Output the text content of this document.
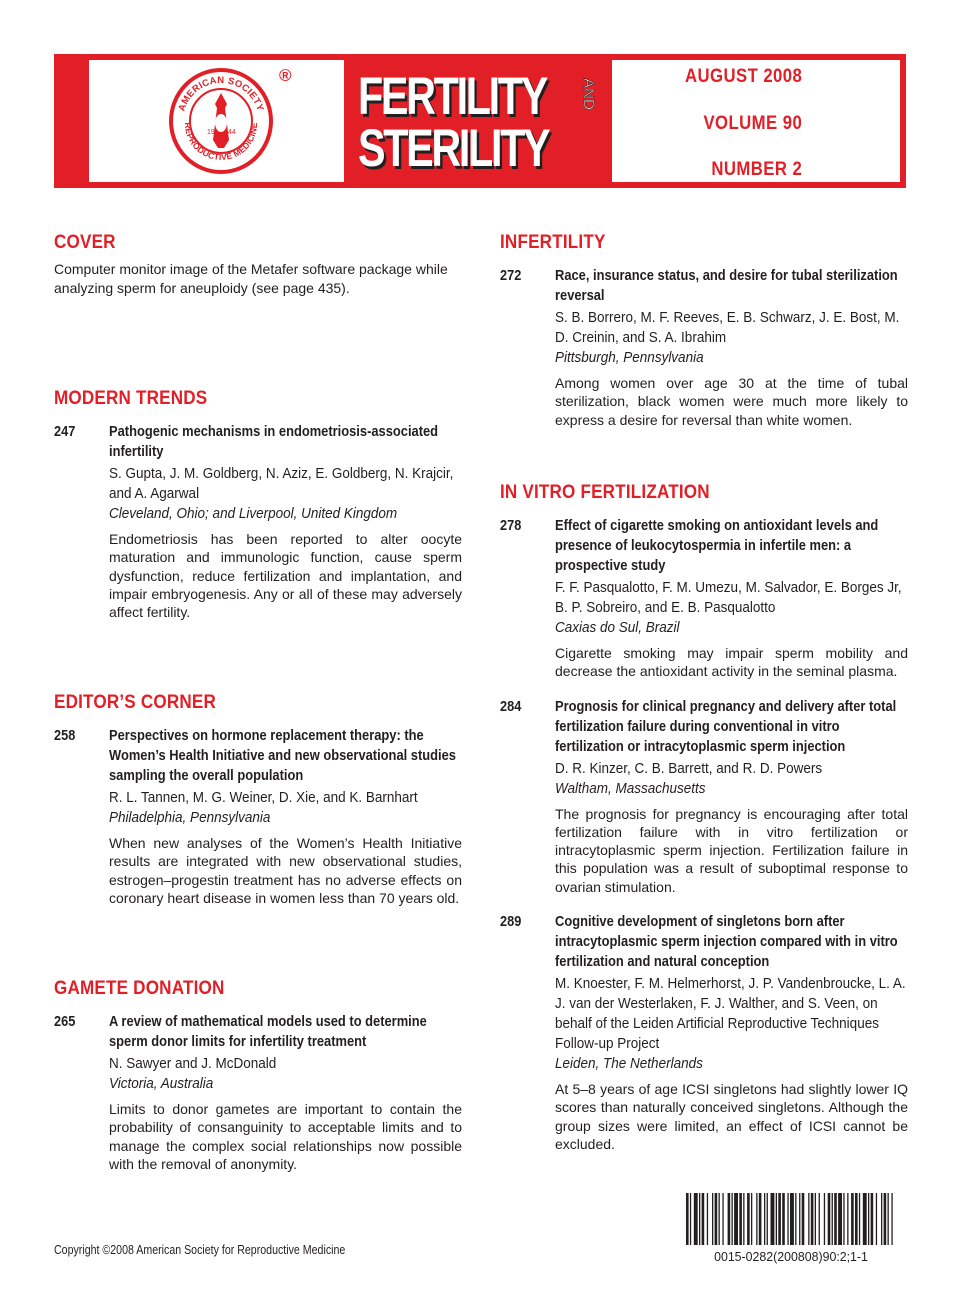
AMERICAN SOCIETY
REPRODUCTIVE MEDICINE
19 44
® FERTILITY AND
STERILITY
AUGUST 2008
VOLUME 90
NUMBER 2
COVER
Computer monitor image of the Metafer software package while analyzing sperm for aneuploidy (see page 435).
MODERN TRENDS
247 Pathogenic mechanisms in endometriosis-associated infertility
S. Gupta, J. M. Goldberg, N. Aziz, E. Goldberg, N. Krajcir, and A. Agarwal
Cleveland, Ohio; and Liverpool, United Kingdom
Endometriosis has been reported to alter oocyte maturation and immunologic function, cause sperm dysfunction, reduce fertilization and implantation, and impair embryogenesis. Any or all of these may adversely affect fertility.
EDITOR’S CORNER
258 Perspectives on hormone replacement therapy: the Women’s Health Initiative and new observational studies sampling the overall population
R. L. Tannen, M. G. Weiner, D. Xie, and K. Barnhart
Philadelphia, Pennsylvania
When new analyses of the Women’s Health Initiative results are integrated with new observational studies, estrogen–progestin treatment has no adverse effects on coronary heart disease in women less than 70 years old.
GAMETE DONATION
265 A review of mathematical models used to determine sperm donor limits for infertility treatment
N. Sawyer and J. McDonald
Victoria, Australia
Limits to donor gametes are important to contain the probability of consanguinity to acceptable limits and to manage the complex social relationships now possible with the removal of anonymity.
INFERTILITY
272 Race, insurance status, and desire for tubal sterilization reversal
S. B. Borrero, M. F. Reeves, E. B. Schwarz, J. E. Bost, M. D. Creinin, and S. A. Ibrahim
Pittsburgh, Pennsylvania
Among women over age 30 at the time of tubal sterilization, black women were much more likely to express a desire for reversal than white women.
IN VITRO FERTILIZATION
278 Effect of cigarette smoking on antioxidant levels and presence of leukocytospermia in infertile men: a prospective study
F. F. Pasqualotto, F. M. Umezu, M. Salvador, E. Borges Jr, B. P. Sobreiro, and E. B. Pasqualotto
Caxias do Sul, Brazil
Cigarette smoking may impair sperm mobility and decrease the antioxidant activity in the seminal plasma.
284 Prognosis for clinical pregnancy and delivery after total fertilization failure during conventional in vitro fertilization or intracytoplasmic sperm injection
D. R. Kinzer, C. B. Barrett, and R. D. Powers
Waltham, Massachusetts
The prognosis for pregnancy is encouraging after total fertilization failure with in vitro fertilization or intracytoplasmic sperm injection. Fertilization failure in this population was a result of suboptimal response to ovarian stimulation.
289 Cognitive development of singletons born after intracytoplasmic sperm injection compared with in vitro fertilization and natural conception
M. Knoester, F. M. Helmerhorst, J. P. Vandenbroucke, L. A. J. van der Westerlaken, F. J. Walther, and S. Veen, on behalf of the Leiden Artificial Reproductive Techniques Follow-up Project
Leiden, The Netherlands
At 5–8 years of age ICSI singletons had slightly lower IQ scores than naturally conceived singletons. Although the group sizes were limited, an effect of ICSI cannot be excluded.
Copyright ©2008 American Society for Reproductive Medicine	0015-0282(200808)90:2;1-1
